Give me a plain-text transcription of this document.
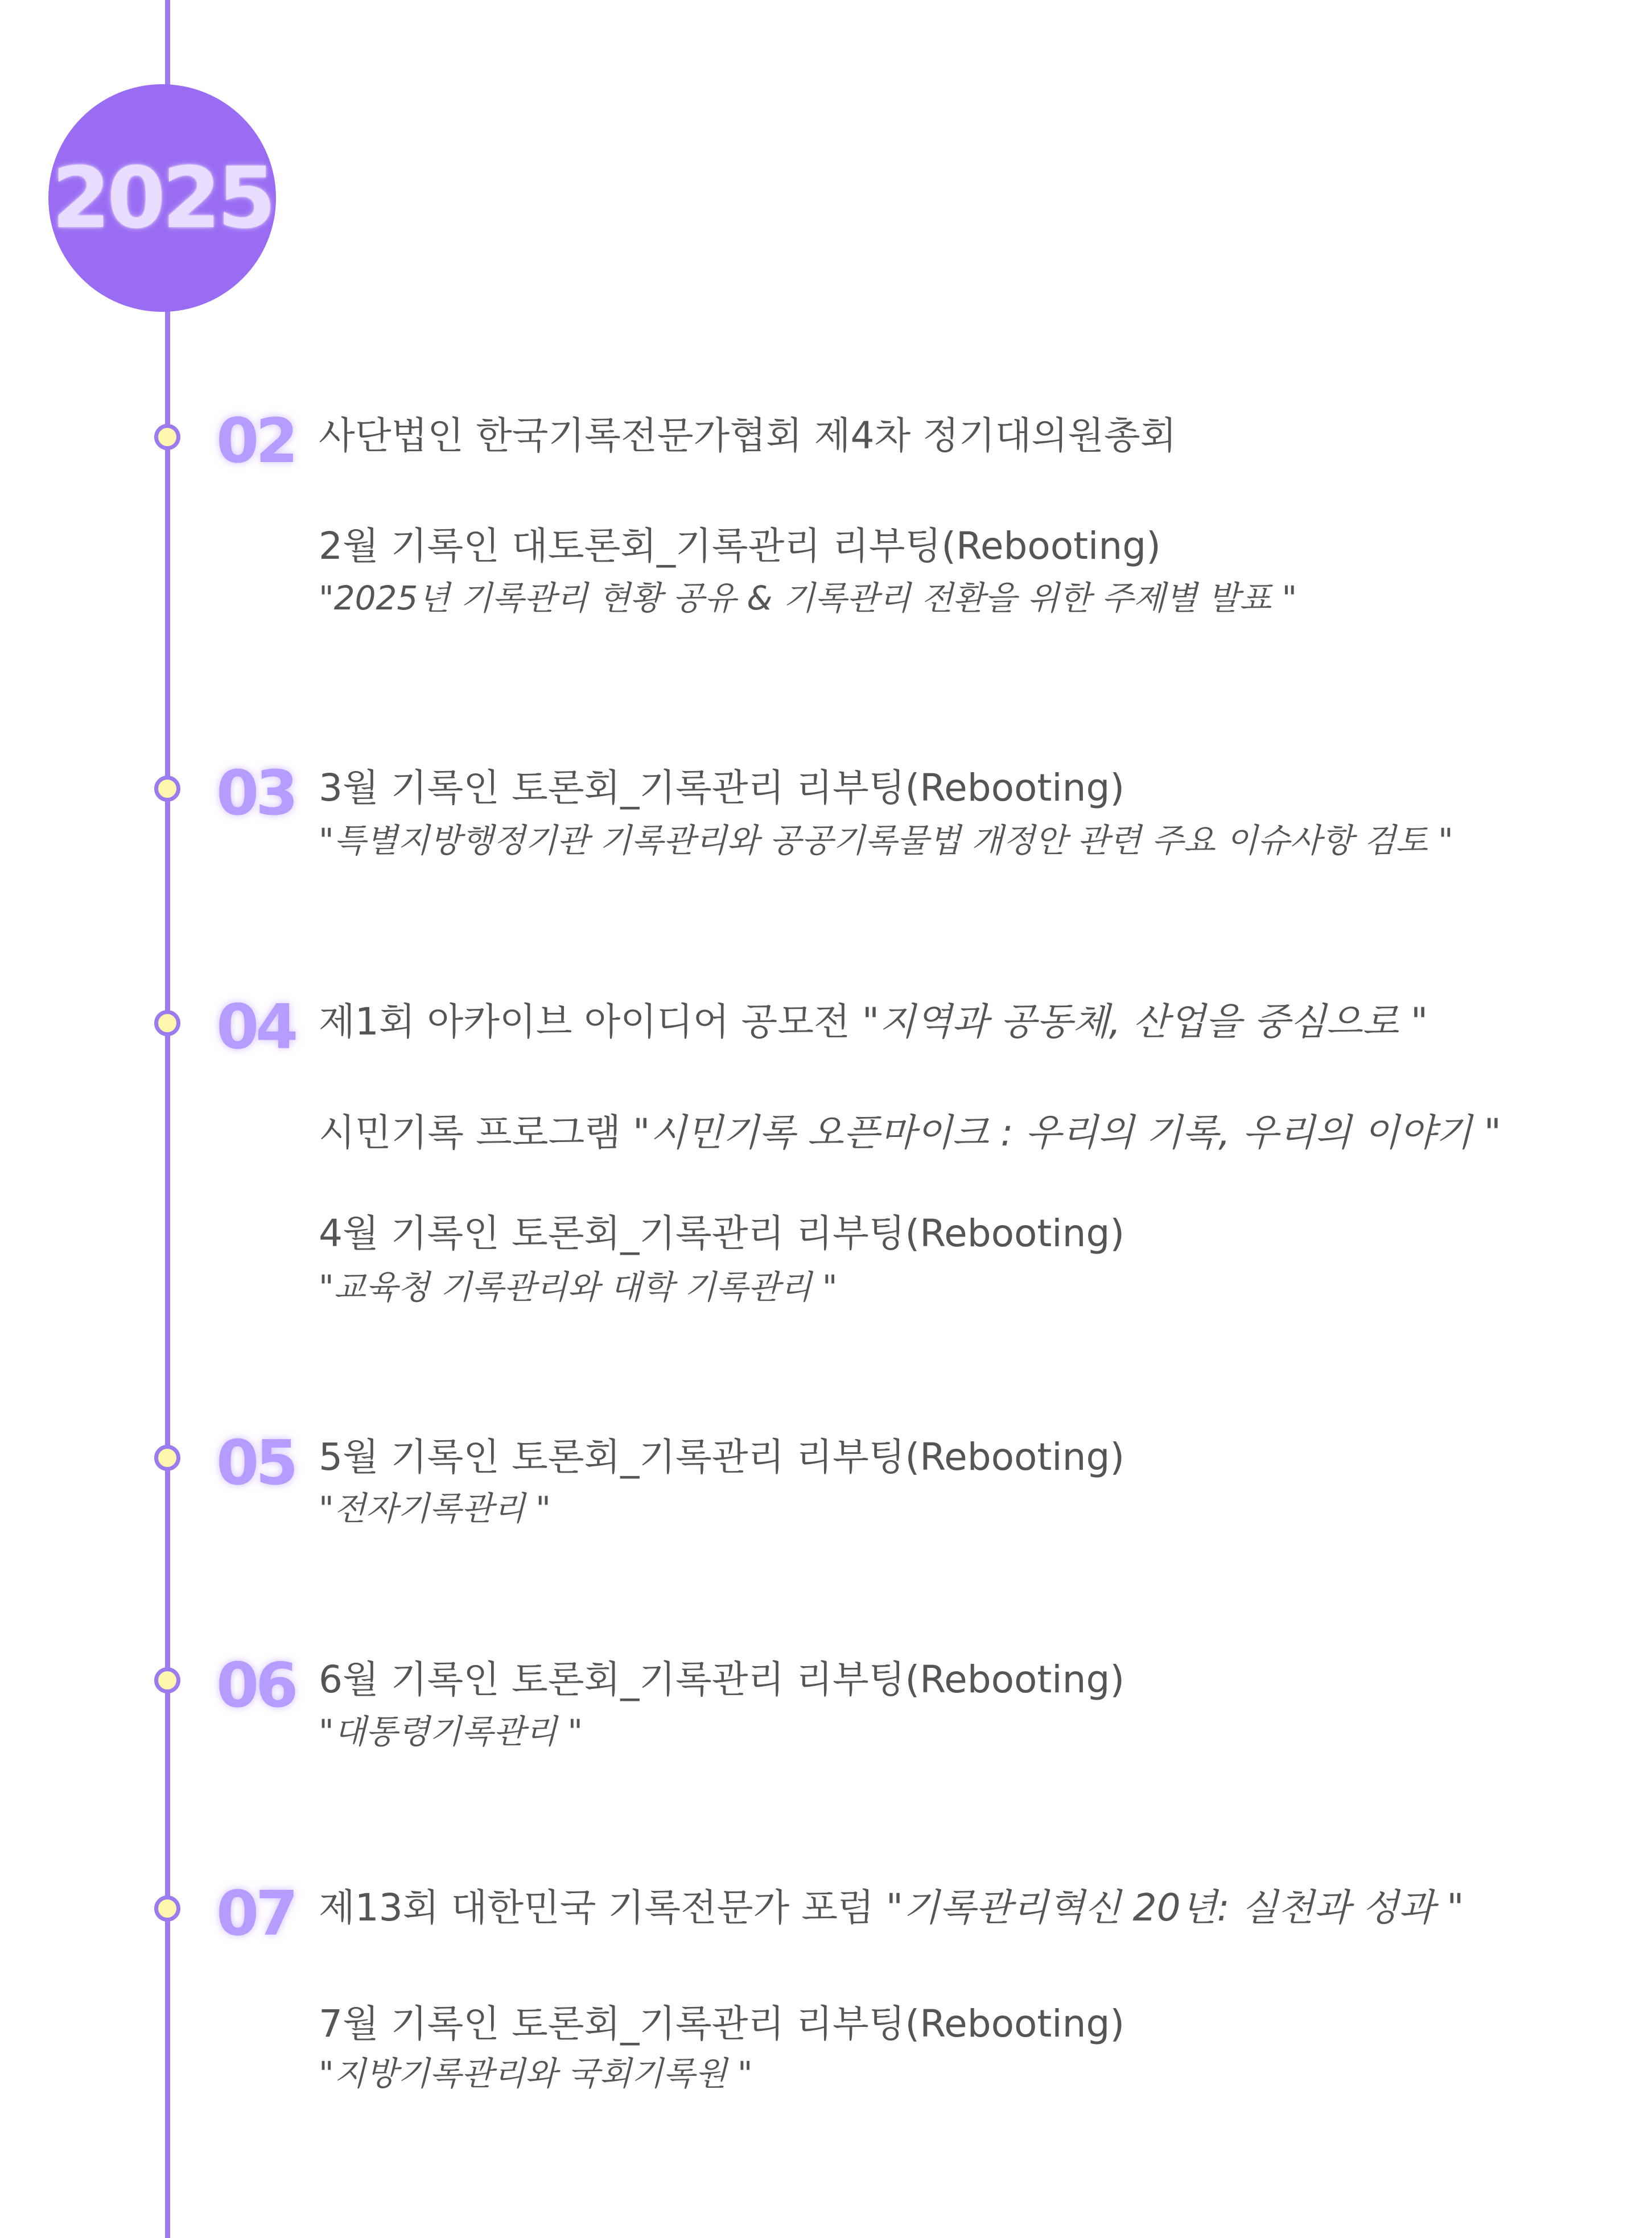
2025
02 사단법인 한국기록전문가협회 제4차 정기대의원총회
2월 기록인 대토론회_기록관리 리부팅(Rebooting)
"2025년 기록관리 현황 공유 & 기록관리 전환을 위한 주제별 발표 "
03 3월 기록인 토론회_기록관리 리부팅(Rebooting)
"특별지방행정기관 기록관리와 공공기록물법 개정안 관련 주요 이슈사항 검토 "
04 제1회 아카이브 아이디어 공모전 "지역과 공동체, 산업을 중심으로 "
시민기록 프로그램 "시민기록 오픈마이크 : 우리의 기록, 우리의 이야기 "
4월 기록인 토론회_기록관리 리부팅(Rebooting)
"교육청 기록관리와 대학 기록관리 "
05 5월 기록인 토론회_기록관리 리부팅(Rebooting)
"전자기록관리 "
06 6월 기록인 토론회_기록관리 리부팅(Rebooting)
"대통령기록관리 "
07 제13회 대한민국 기록전문가 포럼 "기록관리혁신 20년: 실천과 성과 "
7월 기록인 토론회_기록관리 리부팅(Rebooting)
"지방기록관리와 국회기록원 "
